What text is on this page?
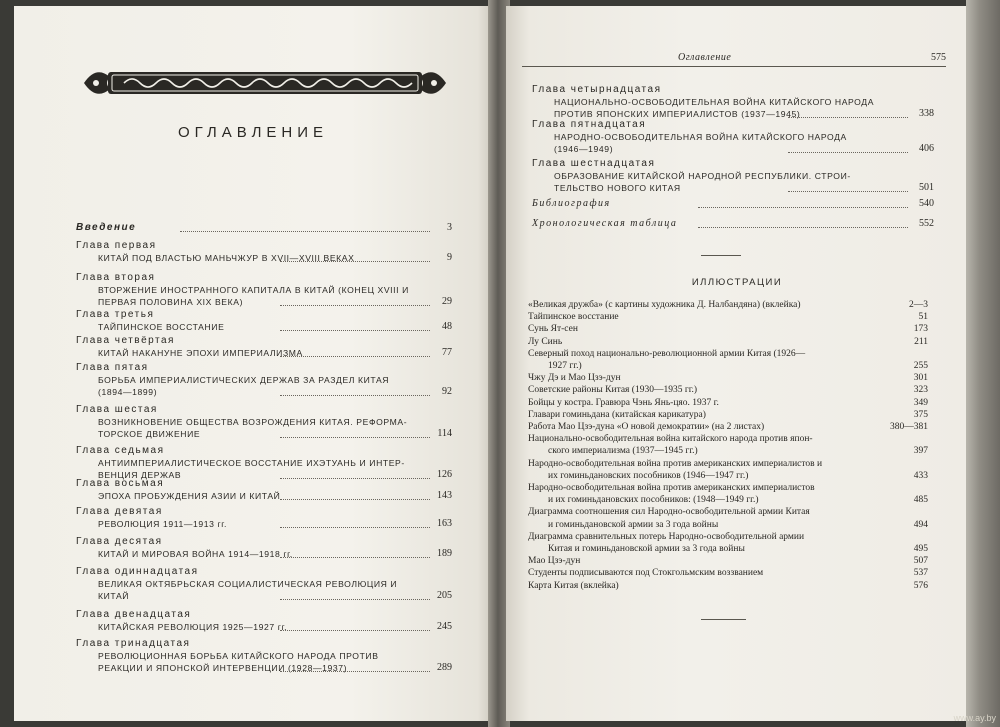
ОГЛАВЛЕНИЕ
Введение	3
Глава первая
КИТАЙ ПОД ВЛАСТЬЮ МАНЬЧЖУР В XVII—XVIII ВЕКАХ	9
Глава вторая
ВТОРЖЕНИЕ ИНОСТРАННОГО КАПИТАЛА В КИТАЙ (КОНЕЦ XVIII И
ПЕРВАЯ ПОЛОВИНА XIX ВЕКА)	29
Глава третья
ТАЙПИНСКОЕ ВОССТАНИЕ	48
Глава четвёртая
КИТАЙ НАКАНУНЕ ЭПОХИ ИМПЕРИАЛИЗМА	77
Глава пятая
БОРЬБА ИМПЕРИАЛИСТИЧЕСКИХ ДЕРЖАВ ЗА РАЗДЕЛ КИТАЯ
(1894—1899)	92
Глава шестая
ВОЗНИКНОВЕНИЕ ОБЩЕСТВА ВОЗРОЖДЕНИЯ КИТАЯ. РЕФОРМА-
ТОРСКОЕ ДВИЖЕНИЕ	114
Глава седьмая
АНТИИМПЕРИАЛИСТИЧЕСКОЕ ВОССТАНИЕ ИХЭТУАНЬ И ИНТЕР-
ВЕНЦИЯ ДЕРЖАВ	126
Глава восьмая
ЭПОХА ПРОБУЖДЕНИЯ АЗИИ И КИТАЙ	143
Глава девятая
РЕВОЛЮЦИЯ 1911—1913 гг.	163
Глава десятая
КИТАЙ И МИРОВАЯ ВОЙНА 1914—1918 гг.	189
Глава одиннадцатая
ВЕЛИКАЯ ОКТЯБРЬСКАЯ СОЦИАЛИСТИЧЕСКАЯ РЕВОЛЮЦИЯ И
КИТАЙ	205
Глава двенадцатая
КИТАЙСКАЯ РЕВОЛЮЦИЯ 1925—1927 гг.	245
Глава тринадцатая
РЕВОЛЮЦИОННАЯ БОРЬБА КИТАЙСКОГО НАРОДА ПРОТИВ
РЕАКЦИИ И ЯПОНСКОЙ ИНТЕРВЕНЦИИ (1928—1937)	289
Оглавление	575
Глава четырнадцатая
НАЦИОНАЛЬНО-ОСВОБОДИТЕЛЬНАЯ ВОЙНА КИТАЙСКОГО НАРОДА
ПРОТИВ ЯПОНСКИХ ИМПЕРИАЛИСТОВ (1937—1945)	338
Глава пятнадцатая
НАРОДНО-ОСВОБОДИТЕЛЬНАЯ ВОЙНА КИТАЙСКОГО НАРОДА
(1946—1949)	406
Глава шестнадцатая
ОБРАЗОВАНИЕ КИТАЙСКОЙ НАРОДНОЙ РЕСПУБЛИКИ. СТРОИ-
ТЕЛЬСТВО НОВОГО КИТАЯ	501
Библиография	540
Хронологическая таблица	552
ИЛЛЮСТРАЦИИ
«Великая дружба» (с картины художника Д. Налбандяна) (вклейка)	2—3
Тайпинское восстание	51
Сунь Ят-сен	173
Лу Синь	211
Северный поход национально-революционной армии Китая (1926—
1927 гг.)	255
Чжу Дэ и Мао Цзэ-дун	301
Советские районы Китая (1930—1935 гг.)	323
Бойцы у костра. Гравюра Чэнь Янь-цяо. 1937 г.	349
Главари гоминьдана (китайская карикатура)	375
Работа Мао Цзэ-дуна «О новой демократии» (на 2 листах)	380—381
Национально-освободительная война китайского народа против япон-
ского империализма (1937—1945 гг.)	397
Народно-освободительная война против американских империалистов и
их гоминьдановских пособников (1946—1947 гг.)	433
Народно-освободительная война против американских империалистов
и их гоминьдановских пособников: (1948—1949 гг.)	485
Диаграмма соотношения сил Народно-освободительной армии Китая
и гоминьдановской армии за 3 года войны	494
Диаграмма сравнительных потерь Народно-освободительной армии
Китая и гоминьдановской армии за 3 года войны	495
Мао Цзэ-дун	507
Студенты подписываются под Стокгольмским воззванием	537
Карта Китая (вклейка)	576
www.ay.by
